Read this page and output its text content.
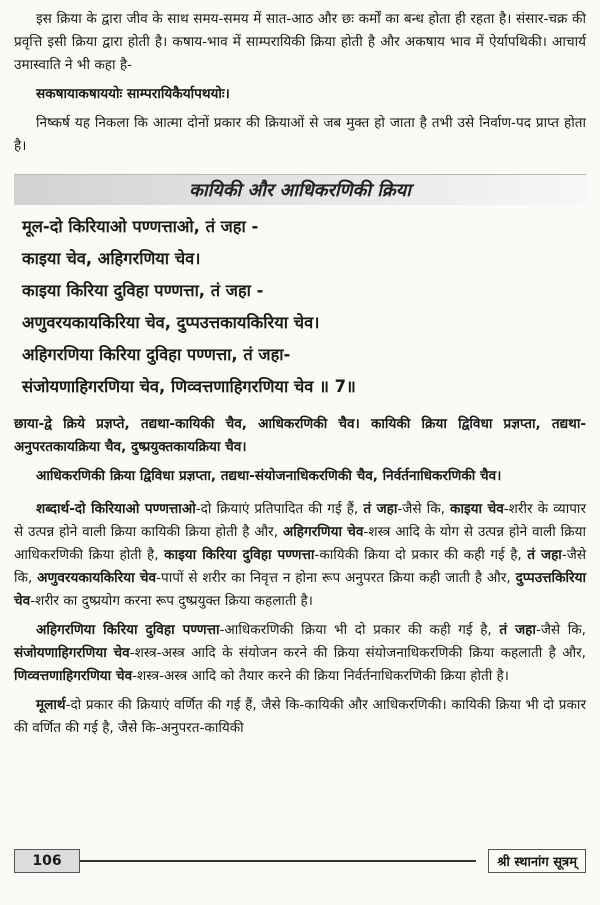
इस क्रिया के द्वारा जीव के साथ समय-समय में सात-आठ और छः कर्मों का बन्ध होता ही रहता है। संसार-चक्र की प्रवृत्ति इसी क्रिया द्वारा होती है। कषाय-भाव में साम्परायिकी क्रिया होती है और अकषाय भाव में ऐर्यापथिकी। आचार्य उमास्वाति ने भी कहा है-

सकषायाकषाययोः साम्परायिकैर्यापथयोः।

निष्कर्ष यह निकला कि आत्मा दोनों प्रकार की क्रियाओं से जब मुक्त हो जाता है तभी उसे निर्वाण-पद प्राप्त होता है।

कायिकी और आधिकरणिकी क्रिया

मूल-दो किरियाओ पण्णत्ताओ, तं जहा -

काइया चेव, अहिगरणिया चेव।

काइया किरिया दुविहा पण्णत्ता, तं जहा -

अणुवरयकायकिरिया चेव, दुप्पउत्तकायकिरिया चेव।

अहिगरणिया किरिया दुविहा पण्णत्ता, तं जहा-

संजोयणाहिगरणिया चेव, णिव्वत्तणाहिगरणिया चेव ॥ 7॥

छाया-द्वे क्रिये प्रज्ञप्ते, तद्यथा-कायिकी चैव, आधिकरणिकी चैव। कायिकी क्रिया द्विविधा प्रज्ञप्ता, तद्यथा-अनुपरतकायक्रिया चैव, दुष्प्रयुक्तकायक्रिया चैव।

आधिकरणिकी क्रिया द्विविधा प्रज्ञप्ता, तद्यथा-संयोजनाधिकरणिकी चैव, निर्वर्तनाधिकरणिकी चैव।

शब्दार्थ-दो किरियाओ पण्णत्ताओ-दो क्रियाएं प्रतिपादित की गई हैं, तं जहा-जैसे कि, काइया चेव-शरीर के व्यापार से उत्पन्न होने वाली क्रिया कायिकी क्रिया होती है और, अहिगरणिया चेव-शस्त्र आदि के योग से उत्पन्न होने वाली क्रिया आधिकरणिकी क्रिया होती है, काइया किरिया दुविहा पण्णत्ता-कायिकी क्रिया दो प्रकार की कही गई है, तं जहा-जैसे कि, अणुवरयकायकिरिया चेव-पापों से शरीर का निवृत्त न होना रूप अनुपरत क्रिया कही जाती है और, दुप्पउत्तकिरिया चेव-शरीर का दुष्प्रयोग करना रूप दुष्प्रयुक्त क्रिया कहलाती है।

अहिगरणिया किरिया दुविहा पण्णत्ता-आधिकरणिकी क्रिया भी दो प्रकार की कही गई है, तं जहा-जैसे कि, संजोयणाहिगरणिया चेव-शस्त्र-अस्त्र आदि के संयोजन करने की क्रिया संयोजनाधिकरणिकी क्रिया कहलाती है और, णिव्वत्तणाहिगरणिया चेव-शस्त्र-अस्त्र आदि को तैयार करने की क्रिया निर्वर्तनाधिकरणिकी क्रिया होती है।

मूलार्थ-दो प्रकार की क्रियाएं वर्णित की गई हैं, जैसे कि-कायिकी और आधिकरणिकी। कायिकी क्रिया भी दो प्रकार की वर्णित की गई है, जैसे कि-अनुपरत-कायिकी

106	श्री स्थानांग सूत्रम्
